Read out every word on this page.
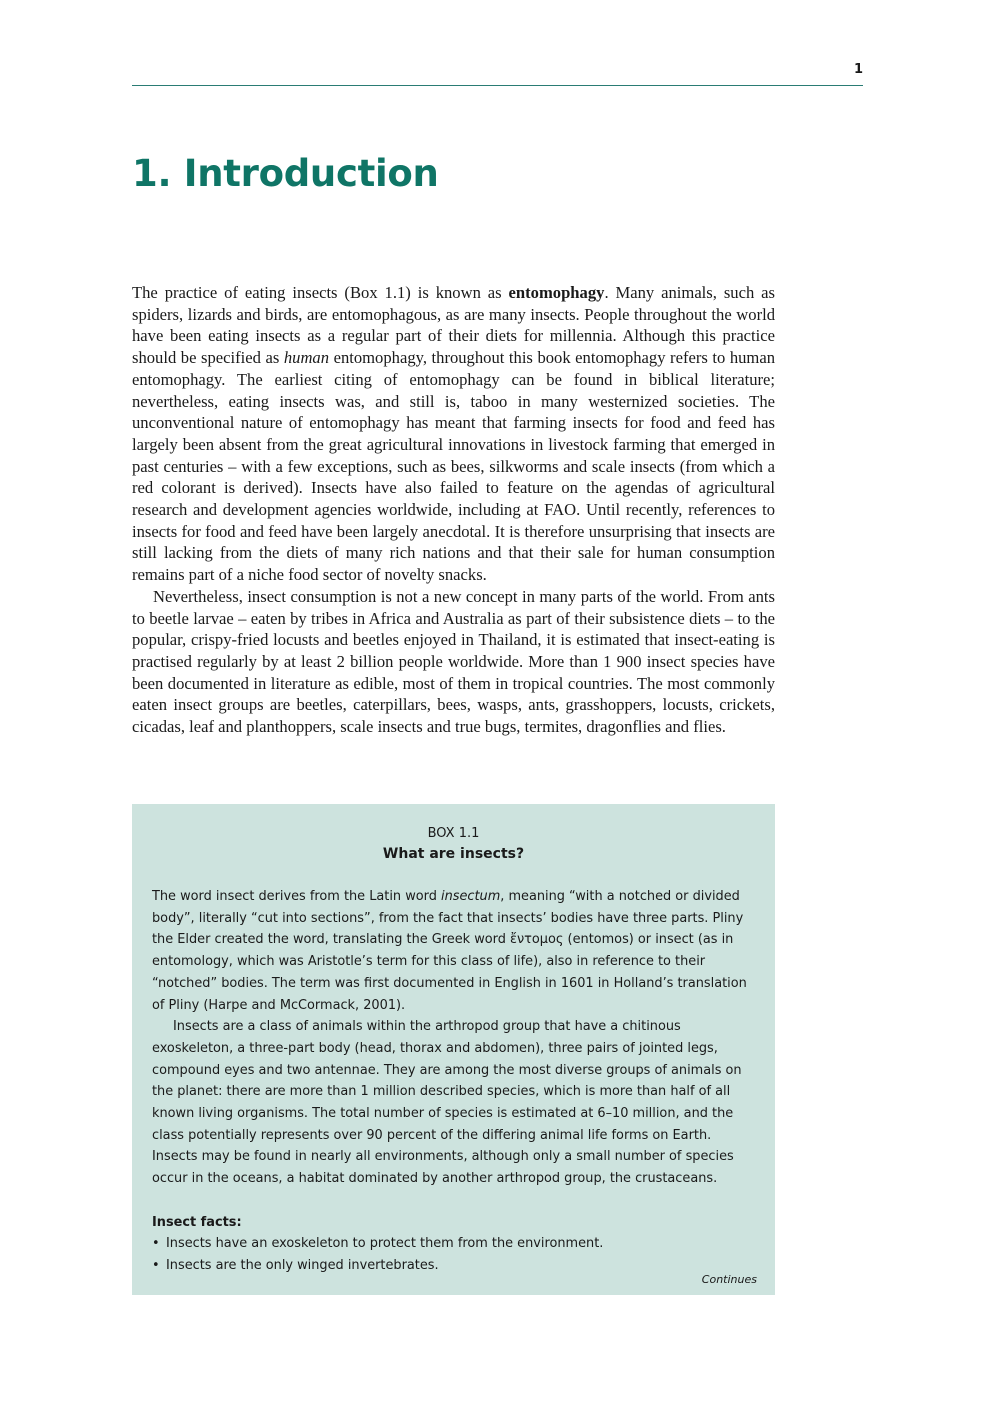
1
1. Introduction

The practice of eating insects (Box 1.1) is known as entomophagy. Many animals, such as spiders, lizards and birds, are entomophagous, as are many insects. People throughout the world have been eating insects as a regular part of their diets for millennia. Although this practice should be specified as human entomophagy, throughout this book entomophagy refers to human entomophagy. The earliest citing of entomophagy can be found in biblical literature; nevertheless, eating insects was, and still is, taboo in many westernized societies. The unconventional nature of entomophagy has meant that farming insects for food and feed has largely been absent from the great agricultural innovations in livestock farming that emerged in past centuries – with a few exceptions, such as bees, silkworms and scale insects (from which a red colorant is derived). Insects have also failed to feature on the agendas of agricultural research and development agencies worldwide, including at FAO. Until recently, references to insects for food and feed have been largely anecdotal. It is therefore unsurprising that insects are still lacking from the diets of many rich nations and that their sale for human consumption remains part of a niche food sector of novelty snacks.

Nevertheless, insect consumption is not a new concept in many parts of the world. From ants to beetle larvae – eaten by tribes in Africa and Australia as part of their subsistence diets – to the popular, crispy-fried locusts and beetles enjoyed in Thailand, it is estimated that insect-eating is practised regularly by at least 2 billion people worldwide. More than 1 900 insect species have been documented in literature as edible, most of them in tropical countries. The most commonly eaten insect groups are beetles, caterpillars, bees, wasps, ants, grasshoppers, locusts, crickets, cicadas, leaf and planthoppers, scale insects and true bugs, termites, dragonflies and flies.

BOX 1.1
What are insects?

The word insect derives from the Latin word insectum, meaning “with a notched or divided body”, literally “cut into sections”, from the fact that insects’ bodies have three parts. Pliny the Elder created the word, translating the Greek word ἔντομος (entomos) or insect (as in entomology, which was Aristotle’s term for this class of life), also in reference to their “notched” bodies. The term was first documented in English in 1601 in Holland’s translation of Pliny (Harpe and McCormack, 2001).

Insects are a class of animals within the arthropod group that have a chitinous exoskeleton, a three-part body (head, thorax and abdomen), three pairs of jointed legs, compound eyes and two antennae. They are among the most diverse groups of animals on the planet: there are more than 1 million described species, which is more than half of all known living organisms. The total number of species is estimated at 6–10 million, and the class potentially represents over 90 percent of the differing animal life forms on Earth. Insects may be found in nearly all environments, although only a small number of species occur in the oceans, a habitat dominated by another arthropod group, the crustaceans.

Insect facts:
• Insects have an exoskeleton to protect them from the environment.
• Insects are the only winged invertebrates.
Continues
